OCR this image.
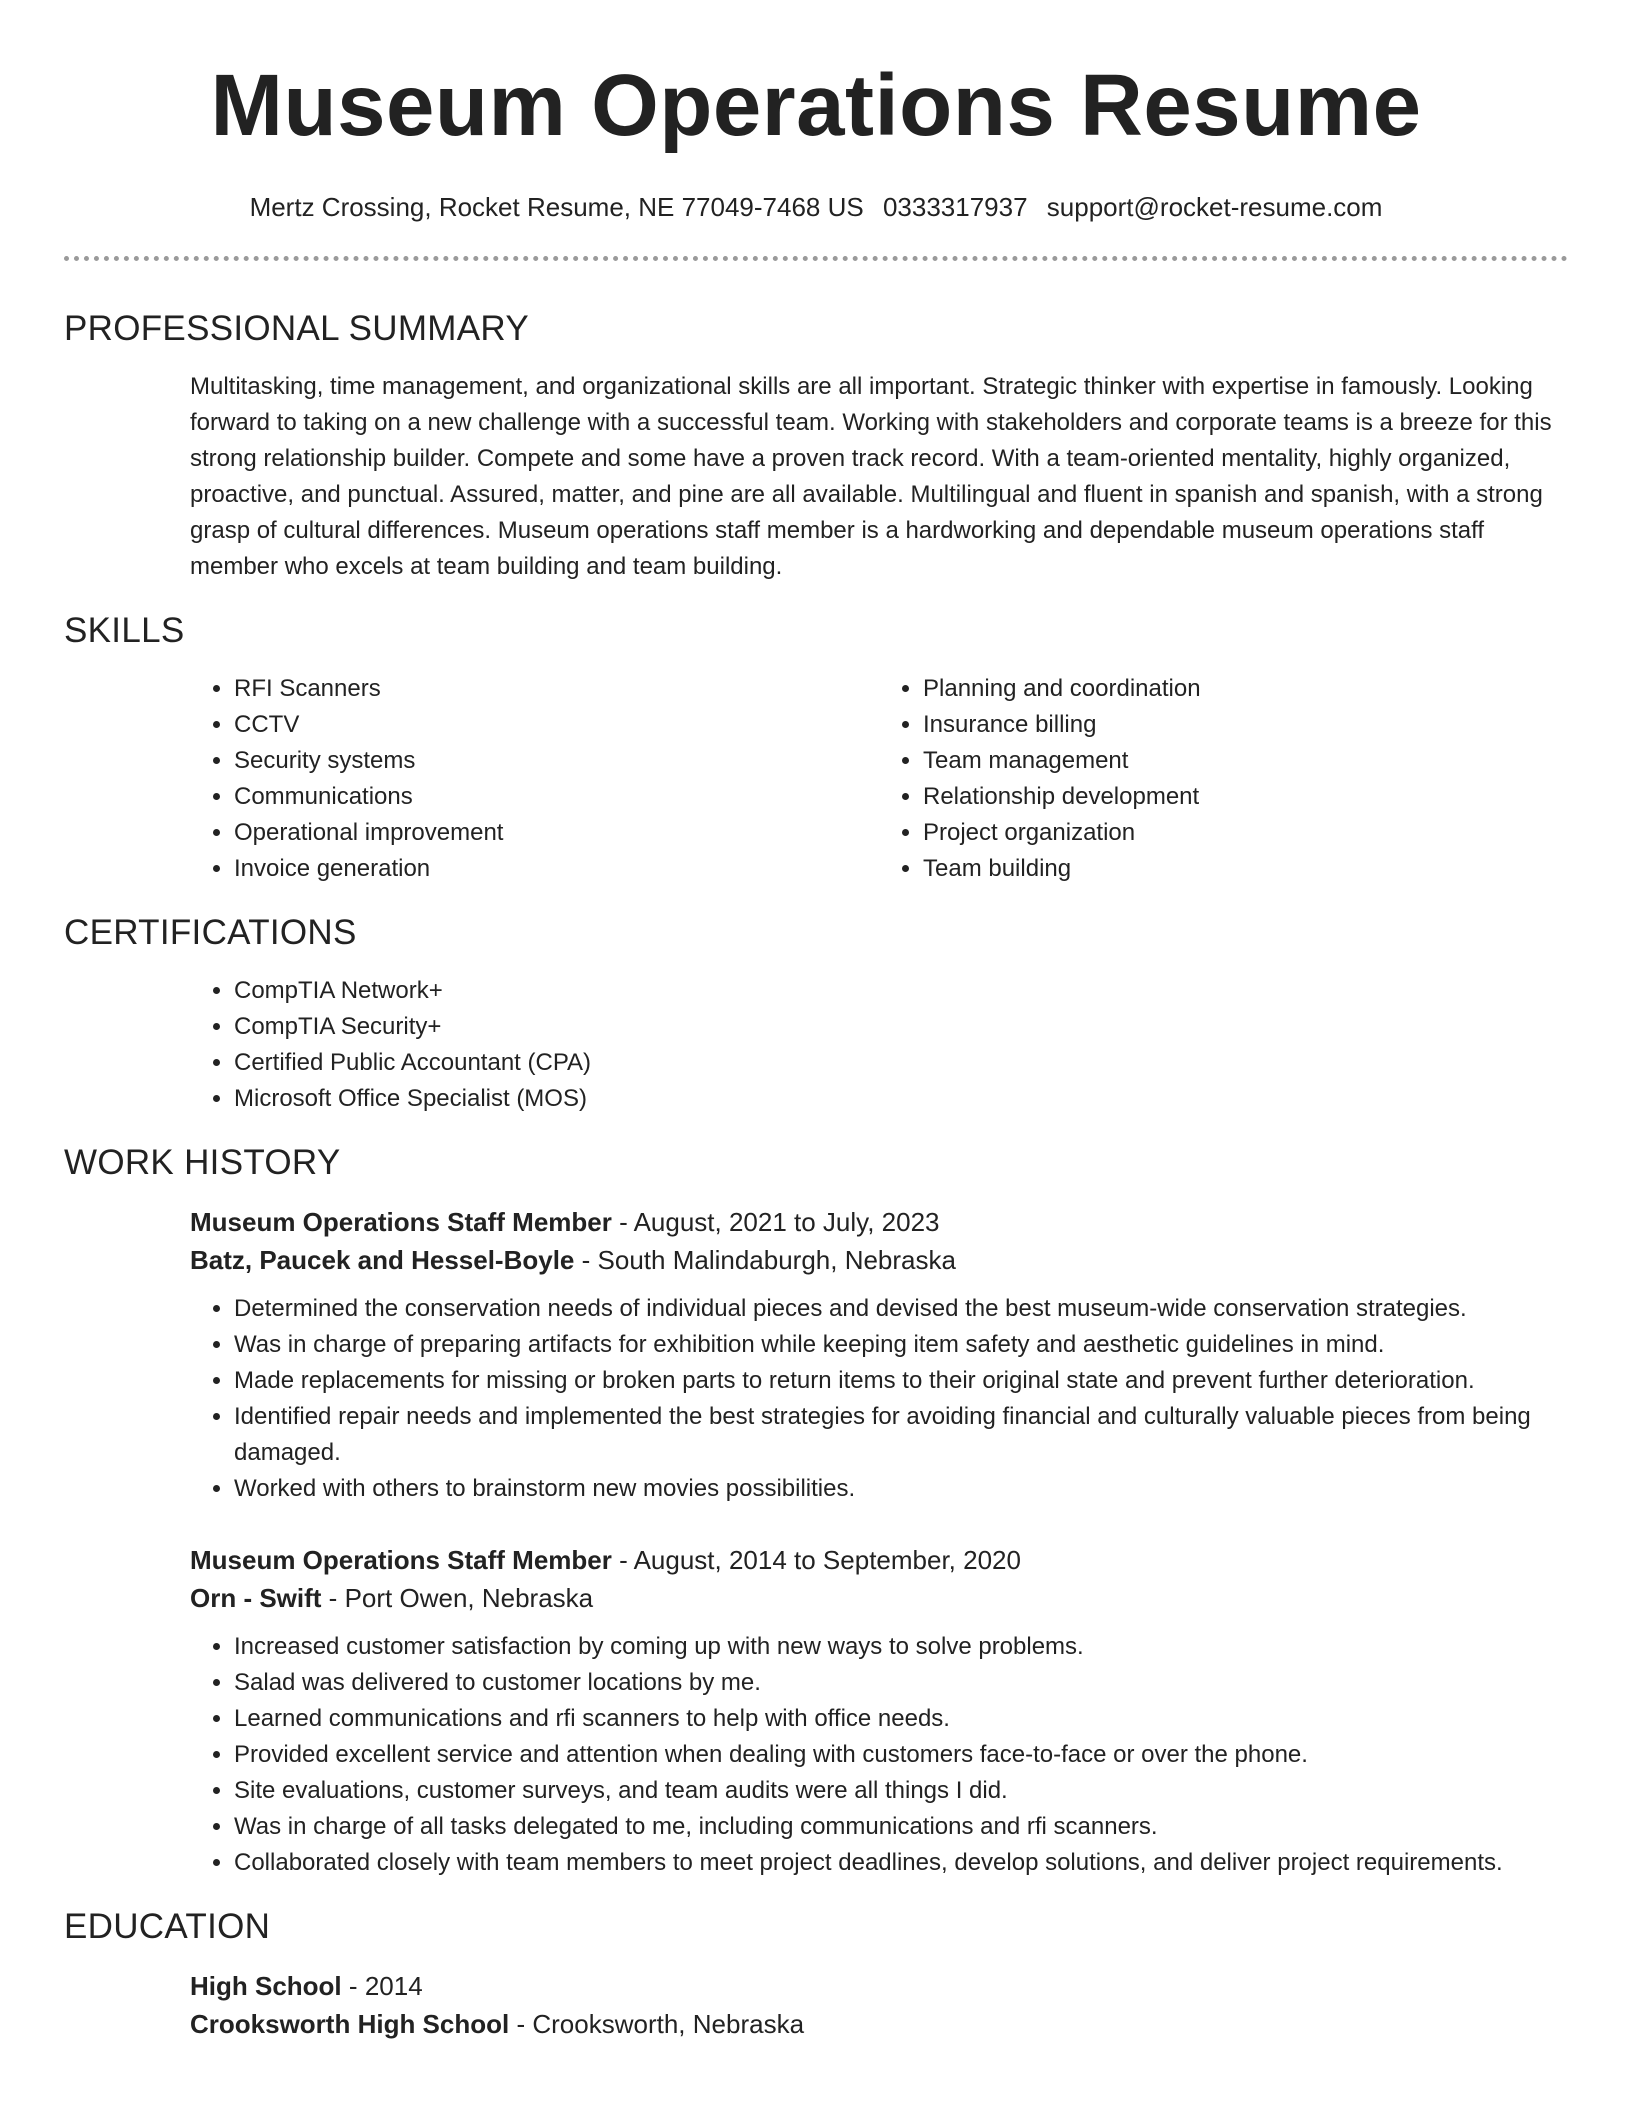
Museum Operations Resume
Mertz Crossing, Rocket Resume, NE 77049-7468 US 0333317937 support@rocket-resume.com
PROFESSIONAL SUMMARY

Multitasking, time management, and organizational skills are all important. Strategic thinker with expertise in famously. Looking forward to taking on a new challenge with a successful team. Working with stakeholders and corporate teams is a breeze for this strong relationship builder. Compete and some have a proven track record. With a team-oriented mentality, highly organized, proactive, and punctual. Assured, matter, and pine are all available. Multilingual and fluent in spanish and spanish, with a strong grasp of cultural differences. Museum operations staff member is a hardworking and dependable museum operations staff member who excels at team building and team building.

SKILLS
• RFI Scanners
• CCTV
• Security systems
• Communications
• Operational improvement
• Invoice generation
• Planning and coordination
• Insurance billing
• Team management
• Relationship development
• Project organization
• Team building
CERTIFICATIONS
• CompTIA Network+
• CompTIA Security+
• Certified Public Accountant (CPA)
• Microsoft Office Specialist (MOS)
WORK HISTORY
Museum Operations Staff Member - August, 2021 to July, 2023
Batz, Paucek and Hessel-Boyle - South Malindaburgh, Nebraska
• Determined the conservation needs of individual pieces and devised the best museum-wide conservation strategies.
• Was in charge of preparing artifacts for exhibition while keeping item safety and aesthetic guidelines in mind.
• Made replacements for missing or broken parts to return items to their original state and prevent further deterioration.
• Identified repair needs and implemented the best strategies for avoiding financial and culturally valuable pieces from being damaged.
• Worked with others to brainstorm new movies possibilities.
Museum Operations Staff Member - August, 2014 to September, 2020
Orn - Swift - Port Owen, Nebraska
• Increased customer satisfaction by coming up with new ways to solve problems.
• Salad was delivered to customer locations by me.
• Learned communications and rfi scanners to help with office needs.
• Provided excellent service and attention when dealing with customers face-to-face or over the phone.
• Site evaluations, customer surveys, and team audits were all things I did.
• Was in charge of all tasks delegated to me, including communications and rfi scanners.
• Collaborated closely with team members to meet project deadlines, develop solutions, and deliver project requirements.
EDUCATION
High School - 2014
Crooksworth High School - Crooksworth, Nebraska
